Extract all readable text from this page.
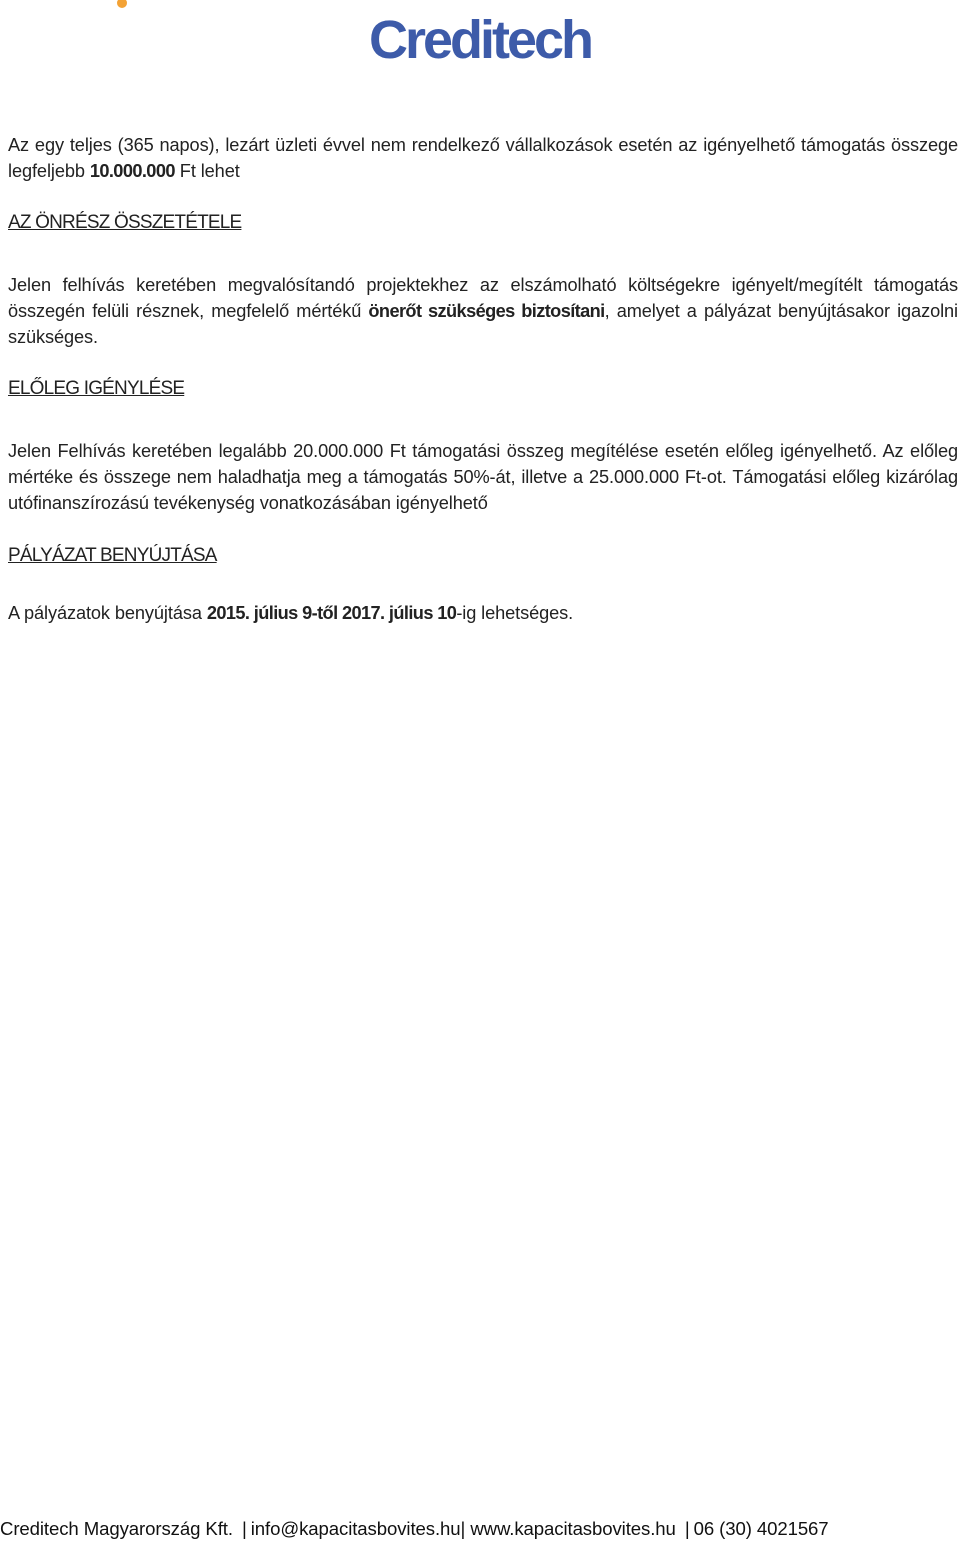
Creditech

Az egy teljes (365 napos), lezárt üzleti évvel nem rendelkező vállalkozások esetén az igényelhető támogatás összege legfeljebb 10.000.000 Ft lehet

AZ ÖNRÉSZ ÖSSZETÉTELE

Jelen felhívás keretében megvalósítandó projektekhez az elszámolható költségekre igényelt/megítélt támogatás összegén felüli résznek, megfelelő mértékű önerőt szükséges biztosítani, amelyet a pályázat benyújtásakor igazolni szükséges.

ELŐLEG IGÉNYLÉSE

Jelen Felhívás keretében legalább 20.000.000 Ft támogatási összeg megítélése esetén előleg igényelhető. Az előleg mértéke és összege nem haladhatja meg a támogatás 50%-át, illetve a 25.000.000 Ft-ot. Támogatási előleg kizárólag utófinanszírozású tevékenység vonatkozásában igényelhető

PÁLYÁZAT BENYÚJTÁSA

A pályázatok benyújtása 2015. július 9-től 2017. július 10-ig lehetséges.

Creditech Magyarország Kft. | info@kapacitasbovites.hu| www.kapacitasbovites.hu | 06 (30) 4021567
